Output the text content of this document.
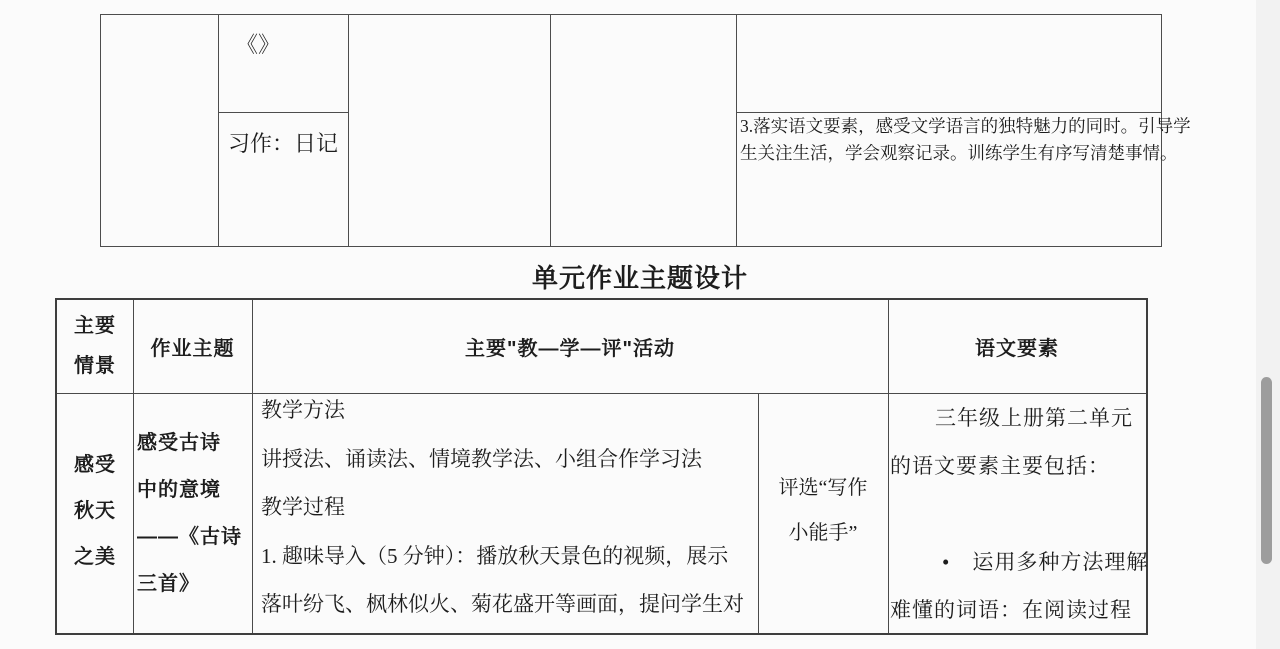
《》
习作：日记
3.落实语文要素，感受文学语言的独特魅力的同时。引导学
生关注生活，学会观察记录。训练学生有序写清楚事情。
单元作业主题设计
主要
情景
作业主题	主要"教—学—评"活动	语文要素
感受
秋天
之美
感受古诗
中的意境
——《古诗
三首》
教学方法
讲授法、诵读法、情境教学法、小组合作学习法
教学过程
1. 趣味导入（5 分钟）：播放秋天景色的视频，展示
落叶纷飞、枫林似火、菊花盛开等画面，提问学生对
评选“写作
小能手”
三年级上册第二单元
的语文要素主要包括：
•　运用多种方法理解
难懂的词语：在阅读过程
